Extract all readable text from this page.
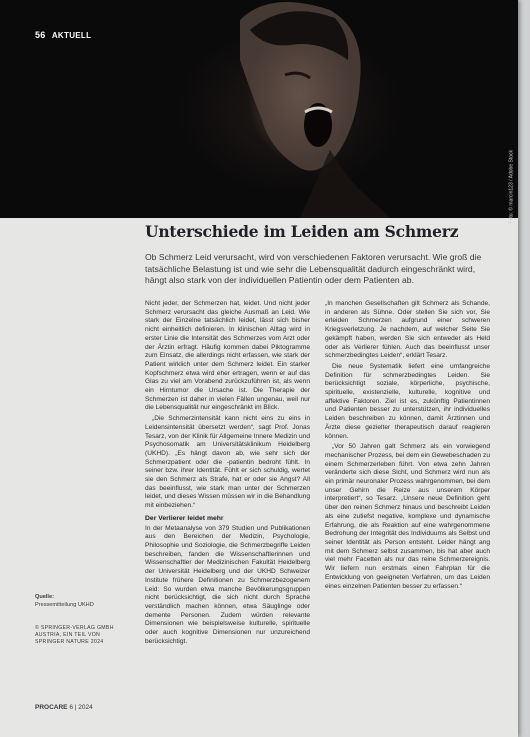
56 AKTUELL
Foto: © marcin123 / Adobe Stock
Unterschiede im Leiden am Schmerz

Ob Schmerz Leid verursacht, wird von verschiedenen Faktoren verursacht. Wie groß die tatsächliche Belastung ist und wie sehr die Lebensqualität dadurch eingeschränkt wird, hängt also stark von der individuellen Patientin oder dem Patienten ab.

Nicht jeder, der Schmerzen hat, leidet. Und nicht jeder Schmerz verursacht das gleiche Ausmaß an Leid. Wie stark der Einzelne tatsächlich leidet, lässt sich bisher nicht einheitlich definieren. In klinischen Alltag wird in erster Linie die Intensität des Schmerzes vom Arzt oder der Ärztin erfragt. Häufig kommen dabei Piktogramme zum Einsatz, die allerdings nicht erfassen, wie stark der Patient wirklich unter dem Schmerz leidet. Ein starker Kopfschmerz etwa wird eher ertragen, wenn er auf das Glas zu viel am Vorabend zurückzuführen ist, als wenn ein Hirntumor die Ursache ist. Die Therapie der Schmerzen ist daher in vielen Fällen ungenau, weil nur die Lebensqualität nur eingeschränkt im Blick.

„Die Schmerzintensität kann nicht eins zu eins in Leidensintensität übersetzt werden“, sagt Prof. Jonas Tesarz, von der Klinik für Allgemeine Innere Medizin und Psychosomatik am Universitätsklinikum Heidelberg (UKHD). „Es hängt davon ab, wie sehr sich der Schmerzpatient oder die -patientin bedroht fühlt. In seiner bzw. ihrer Identität. Fühlt er sich schuldig, wertet sie den Schmerz als Strafe, hat er oder sie Angst? All das beeinflusst, wie stark man unter der Schmerzen leidet, und dieses Wissen müssen wir in die Behandlung mit einbeziehen.“

Der Verlierer leidet mehr

In der Metaanalyse von 379 Studien und Publikationen aus den Bereichen der Medizin, Psychologie, Philosophie und Soziologie, die Schmerzbegriffe Leiden beschreiben, fanden die Wissenschaftlerinnen und Wissenschaftler der Medizinischen Fakultät Heidelberg der Universität Heidelberg und der UKHD Schweizer Institute frühere Definitionen zu Schmerzbezogenem Leid: So wurden etwa manche Bevölkerungsgruppen nicht berücksichtigt, die sich nicht durch Sprache verständlich machen können, etwa Säuglinge oder demente Personen. Zudem würden relevante Dimensionen wie beispielsweise kulturelle, spirituelle oder auch kognitive Dimensionen nur unzureichend berücksichtigt.

„In manchen Gesellschaften gilt Schmerz als Schande, in anderen als Sühne. Oder stellen Sie sich vor, Sie erleiden Schmerzen aufgrund einer schweren Kriegsverletzung. Je nachdem, auf welcher Seite Sie gekämpft haben, werden Sie sich entweder als Held oder als Verlierer fühlen. Auch das beeinflusst unser schmerzbedingtes Leiden“, erklärt Tesarz.

Die neue Systematik liefert eine umfangreiche Definition für schmerzbedingtes Leiden. Sie berücksichtigt soziale, körperliche, psychische, spirituelle, existenzielle, kulturelle, kognitive und affektive Faktoren. Ziel ist es, zukünftig Patientinnen und Patienten besser zu unterstützen, ihr individuelles Leiden beschreiben zu können, damit Ärztinnen und Ärzte diese gezielter therapeutisch darauf reagieren können.

„Vor 50 Jahren galt Schmerz als ein vorwiegend mechanischer Prozess, bei dem ein Gewebeschaden zu einem Schmerzerleben führt. Von etwa zehn Jahren veränderte sich diese Sicht, und Schmerz wird nun als ein primär neuronaler Prozess wahrgenommen, bei dem unser Gehirn die Reize aus unserem Körper interpretiert“, so Tesarz. „Unsere neue Definition geht über den reinen Schmerz hinaus und beschreibt Leiden als eine zutiefst negative, komplexe und dynamische Erfahrung, die als Reaktion auf eine wahrgenommene Bedrohung der Integrität des Individuums als Selbst und seiner Identität als Person entsteht. Leider hängt ang mit dem Schmerz selbst zusammen, bis hat aber auch viel mehr Facetten als nur das reine Schmerzereignis. Wir liefern nun erstmals einen Fahrplan für die Entwicklung von geeigneten Verfahren, um das Leiden eines einzelnen Patienten besser zu erfassen.“

Quelle:
Pressemitteilung UKHD
© SPRINGER-VERLAG GMBH AUSTRIA, EIN TEIL VON SPRINGER NATURE 2024
PROCARE 6 | 2024
